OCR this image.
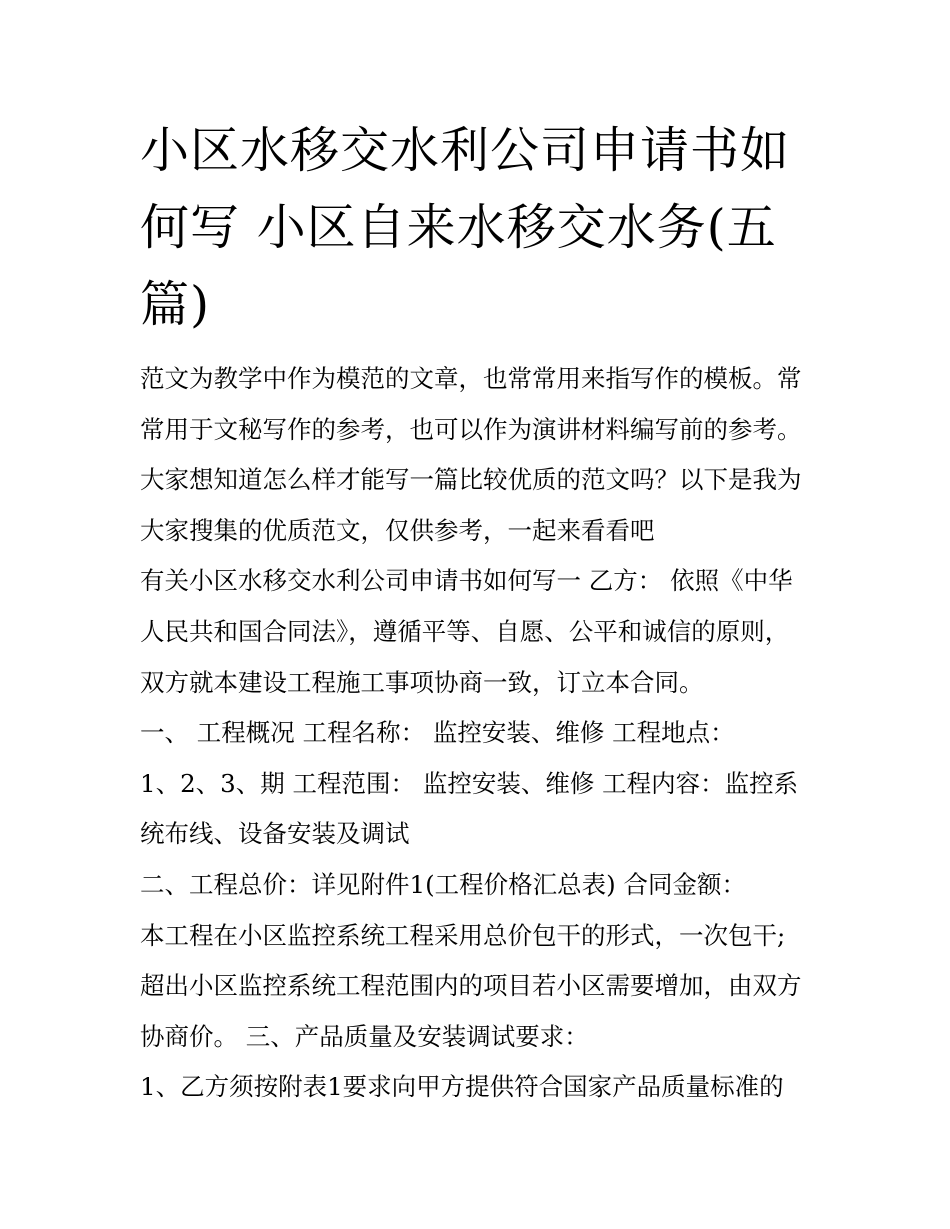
小区水移交水利公司申请书如
何写 小区自来水移交水务(五
篇)
范文为教学中作为模范的文章，也常常用来指写作的模板。常
常用于文秘写作的参考，也可以作为演讲材料编写前的参考。
大家想知道怎么样才能写一篇比较优质的范文吗？以下是我为
大家搜集的优质范文，仅供参考，一起来看看吧
有关小区水移交水利公司申请书如何写一 乙方： 依照《中华
人民共和国合同法》，遵循平等、自愿、公平和诚信的原则，
双方就本建设工程施工事项协商一致，订立本合同。
一、 工程概况 工程名称： 监控安装、维修 工程地点：
1、2、3、期 工程范围： 监控安装、维修 工程内容：监控系
统布线、设备安装及调试
二、工程总价：详见附件1(工程价格汇总表) 合同金额：
本工程在小区监控系统工程采用总价包干的形式，一次包干;
超出小区监控系统工程范围内的项目若小区需要增加，由双方
协商价。 三、产品质量及安装调试要求：
1、乙方须按附表1要求向甲方提供符合国家产品质量标准的
